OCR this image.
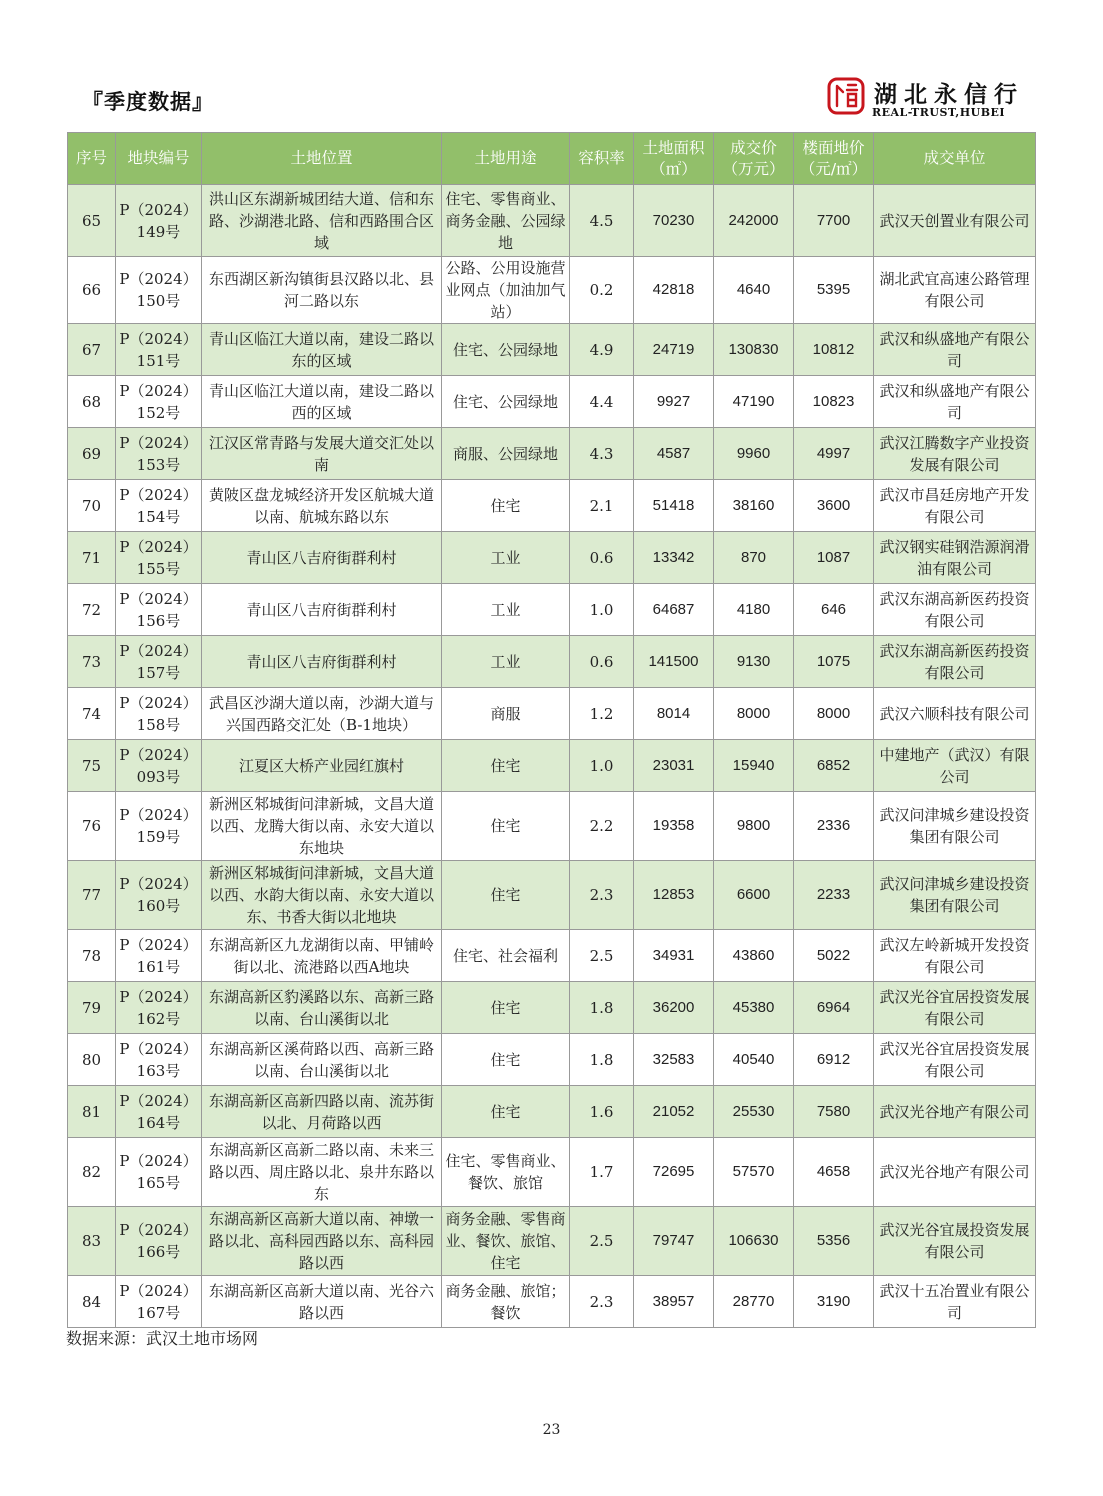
『季度数据』	湖北永信行
REAL-TRUST,HUBEI
序号	地块编号	土地位置	土地用途	容积率	土地面积（㎡）	成交价（万元）	楼面地价（元/㎡）	成交单位
65	P（2024）149号	洪山区东湖新城团结大道、信和东路、沙湖港北路、信和西路围合区域	住宅、零售商业、商务金融、公园绿地	4.5	70230	242000	7700	武汉天创置业有限公司
66	P（2024）150号	东西湖区新沟镇街县汉路以北、县河二路以东	公路、公用设施营业网点（加油加气站）	0.2	42818	4640	5395	湖北武宜高速公路管理有限公司
67	P（2024）151号	青山区临江大道以南，建设二路以东的区域	住宅、公园绿地	4.9	24719	130830	10812	武汉和纵盛地产有限公司
68	P（2024）152号	青山区临江大道以南，建设二路以西的区域	住宅、公园绿地	4.4	9927	47190	10823	武汉和纵盛地产有限公司
69	P（2024）153号	江汉区常青路与发展大道交汇处以南	商服、公园绿地	4.3	4587	9960	4997	武汉江腾数字产业投资发展有限公司
70	P（2024）154号	黄陂区盘龙城经济开发区航城大道以南、航城东路以东	住宅	2.1	51418	38160	3600	武汉市昌廷房地产开发有限公司
71	P（2024）155号	青山区八吉府街群利村	工业	0.6	13342	870	1087	武汉钢实硅钢浩源润滑油有限公司
72	P（2024）156号	青山区八吉府街群利村	工业	1.0	64687	4180	646	武汉东湖高新医药投资有限公司
73	P（2024）157号	青山区八吉府街群利村	工业	0.6	141500	9130	1075	武汉东湖高新医药投资有限公司
74	P（2024）158号	武昌区沙湖大道以南，沙湖大道与兴国西路交汇处（B-1地块）	商服	1.2	8014	8000	8000	武汉六顺科技有限公司
75	P（2024）093号	江夏区大桥产业园红旗村	住宅	1.0	23031	15940	6852	中建地产（武汉）有限公司
76	P（2024）159号	新洲区邾城街问津新城，文昌大道以西、龙腾大街以南、永安大道以东地块	住宅	2.2	19358	9800	2336	武汉问津城乡建设投资集团有限公司
77	P（2024）160号	新洲区邾城街问津新城，文昌大道以西、水韵大街以南、永安大道以东、书香大街以北地块	住宅	2.3	12853	6600	2233	武汉问津城乡建设投资集团有限公司
78	P（2024）161号	东湖高新区九龙湖街以南、甲铺岭街以北、流港路以西A地块	住宅、社会福利	2.5	34931	43860	5022	武汉左岭新城开发投资有限公司
79	P（2024）162号	东湖高新区豹溪路以东、高新三路以南、台山溪街以北	住宅	1.8	36200	45380	6964	武汉光谷宜居投资发展有限公司
80	P（2024）163号	东湖高新区溪荷路以西、高新三路以南、台山溪街以北	住宅	1.8	32583	40540	6912	武汉光谷宜居投资发展有限公司
81	P（2024）164号	东湖高新区高新四路以南、流苏街以北、月荷路以西	住宅	1.6	21052	25530	7580	武汉光谷地产有限公司
82	P（2024）165号	东湖高新区高新二路以南、未来三路以西、周庄路以北、泉井东路以东	住宅、零售商业、餐饮、旅馆	1.7	72695	57570	4658	武汉光谷地产有限公司
83	P（2024）166号	东湖高新区高新大道以南、神墩一路以北、高科园西路以东、高科园路以西	商务金融、零售商业、餐饮、旅馆、住宅	2.5	79747	106630	5356	武汉光谷宜晟投资发展有限公司
84	P（2024）167号	东湖高新区高新大道以南、光谷六路以西	商务金融、旅馆；餐饮	2.3	38957	28770	3190	武汉十五冶置业有限公司
数据来源：武汉土地市场网
23
